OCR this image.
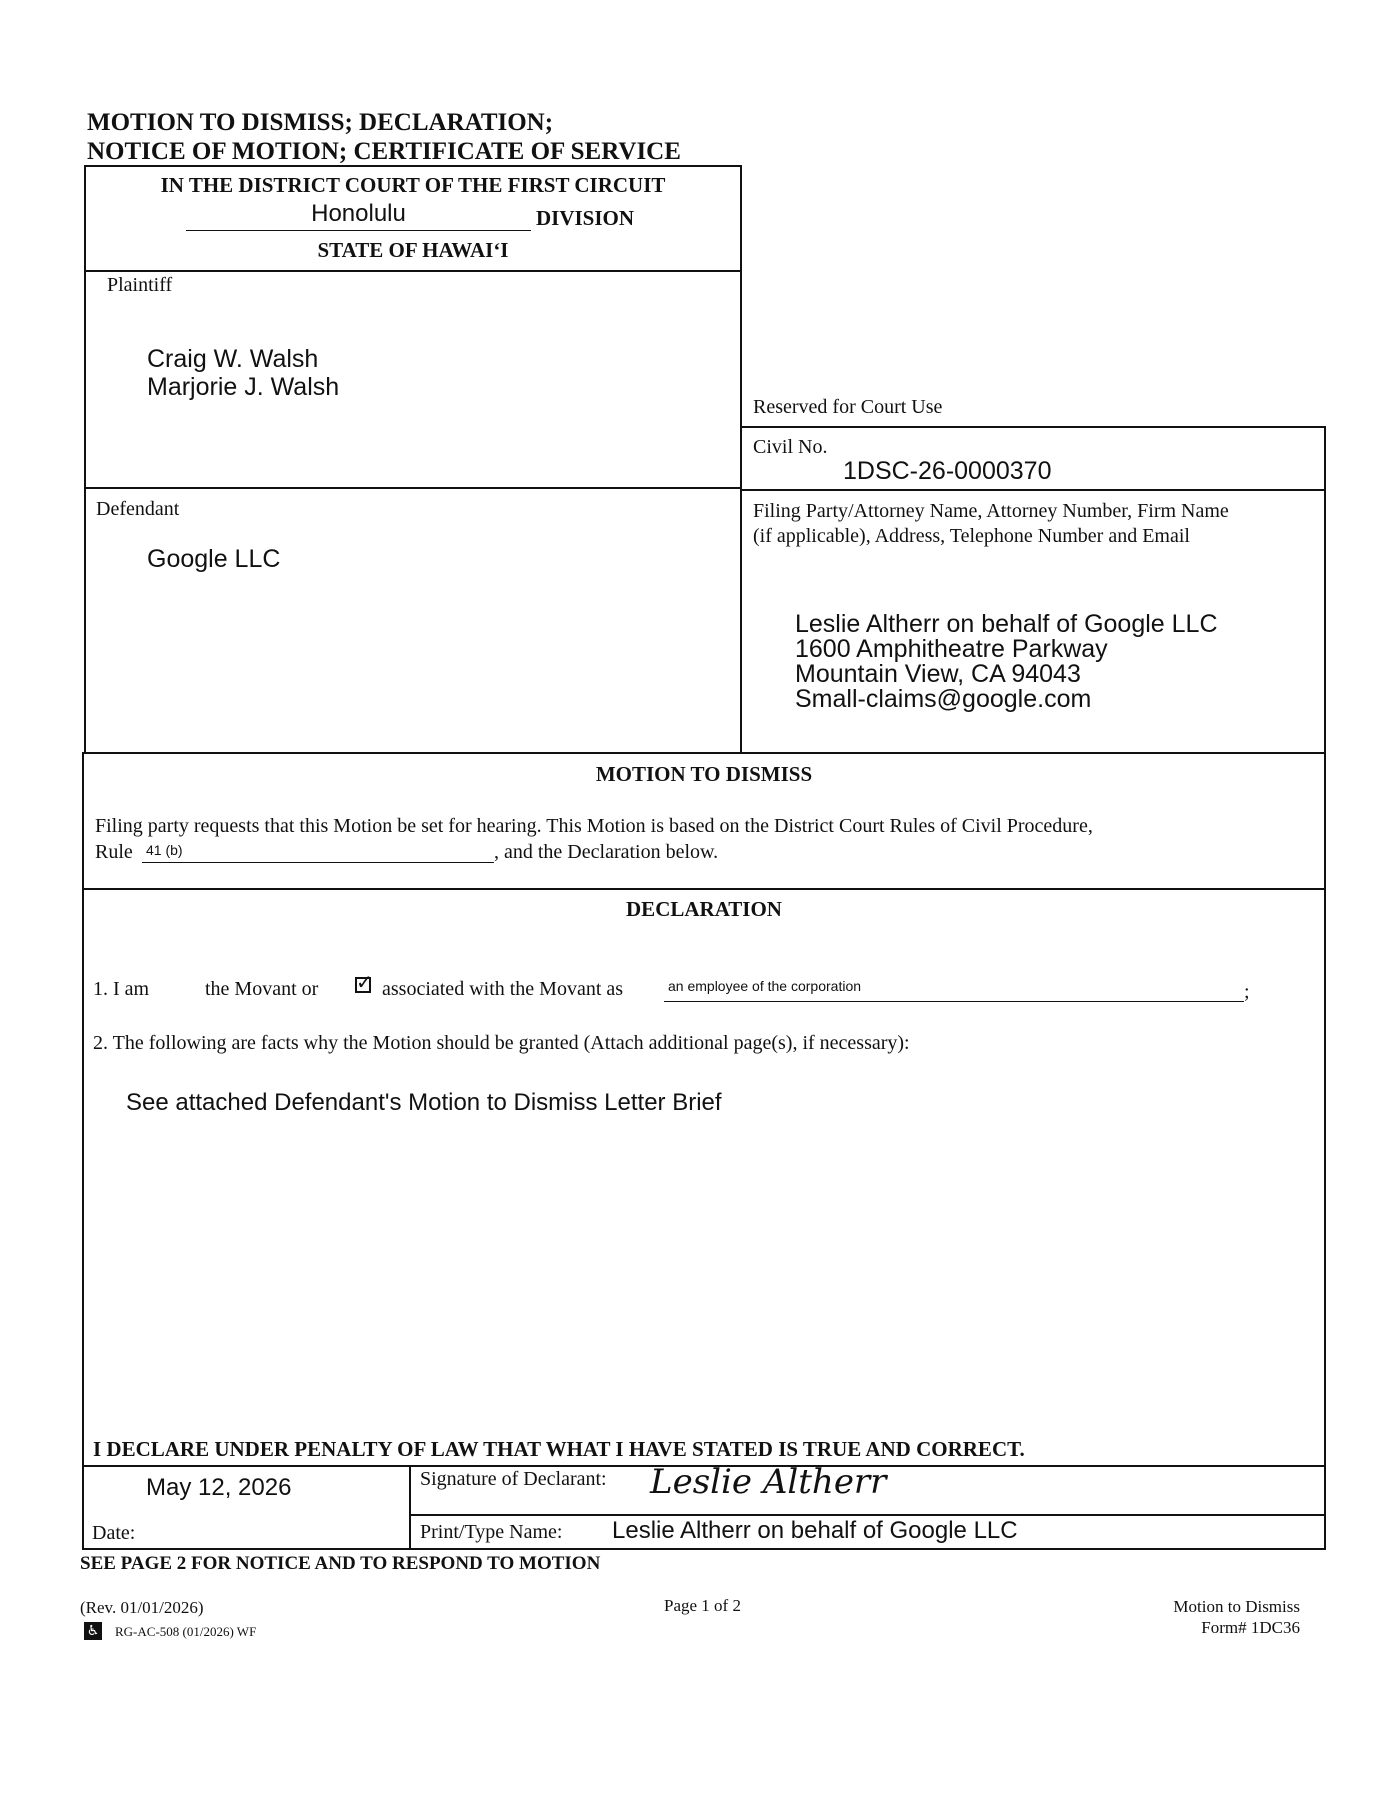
MOTION TO DISMISS; DECLARATION;
NOTICE OF MOTION; CERTIFICATE OF SERVICE
IN THE DISTRICT COURT OF THE FIRST CIRCUIT
Honolulu	DIVISION
STATE OF HAWAI‘I
Plaintiff
Craig W. Walsh
Marjorie J. Walsh
Reserved for Court Use
Civil No.
1DSC-26-0000370
Defendant
Google LLC
Filing Party/Attorney Name, Attorney Number, Firm Name
(if applicable), Address, Telephone Number and Email
Leslie Altherr on behalf of Google LLC
1600 Amphitheatre Parkway
Mountain View, CA 94043
Small-claims@google.com
MOTION TO DISMISS
Filing party requests that this Motion be set for hearing. This Motion is based on the District Court Rules of Civil Procedure,
Rule 41 (b)	, and the Declaration below.
DECLARATION
1. I am	the Movant or ✓ associated with the Movant as	an employee of the corporation	;
2. The following are facts why the Motion should be granted (Attach additional page(s), if necessary):
See attached Defendant's Motion to Dismiss Letter Brief
I DECLARE UNDER PENALTY OF LAW THAT WHAT I HAVE STATED IS TRUE AND CORRECT.
May 12, 2026
Date:
Signature of Declarant: Leslie Altherr
Print/Type Name: Leslie Altherr on behalf of Google LLC
SEE PAGE 2 FOR NOTICE AND TO RESPOND TO MOTION
(Rev. 01/01/2026)
♿ RG-AC-508 (01/2026) WF
Page 1 of 2	Motion to Dismiss
Form# 1DC36
